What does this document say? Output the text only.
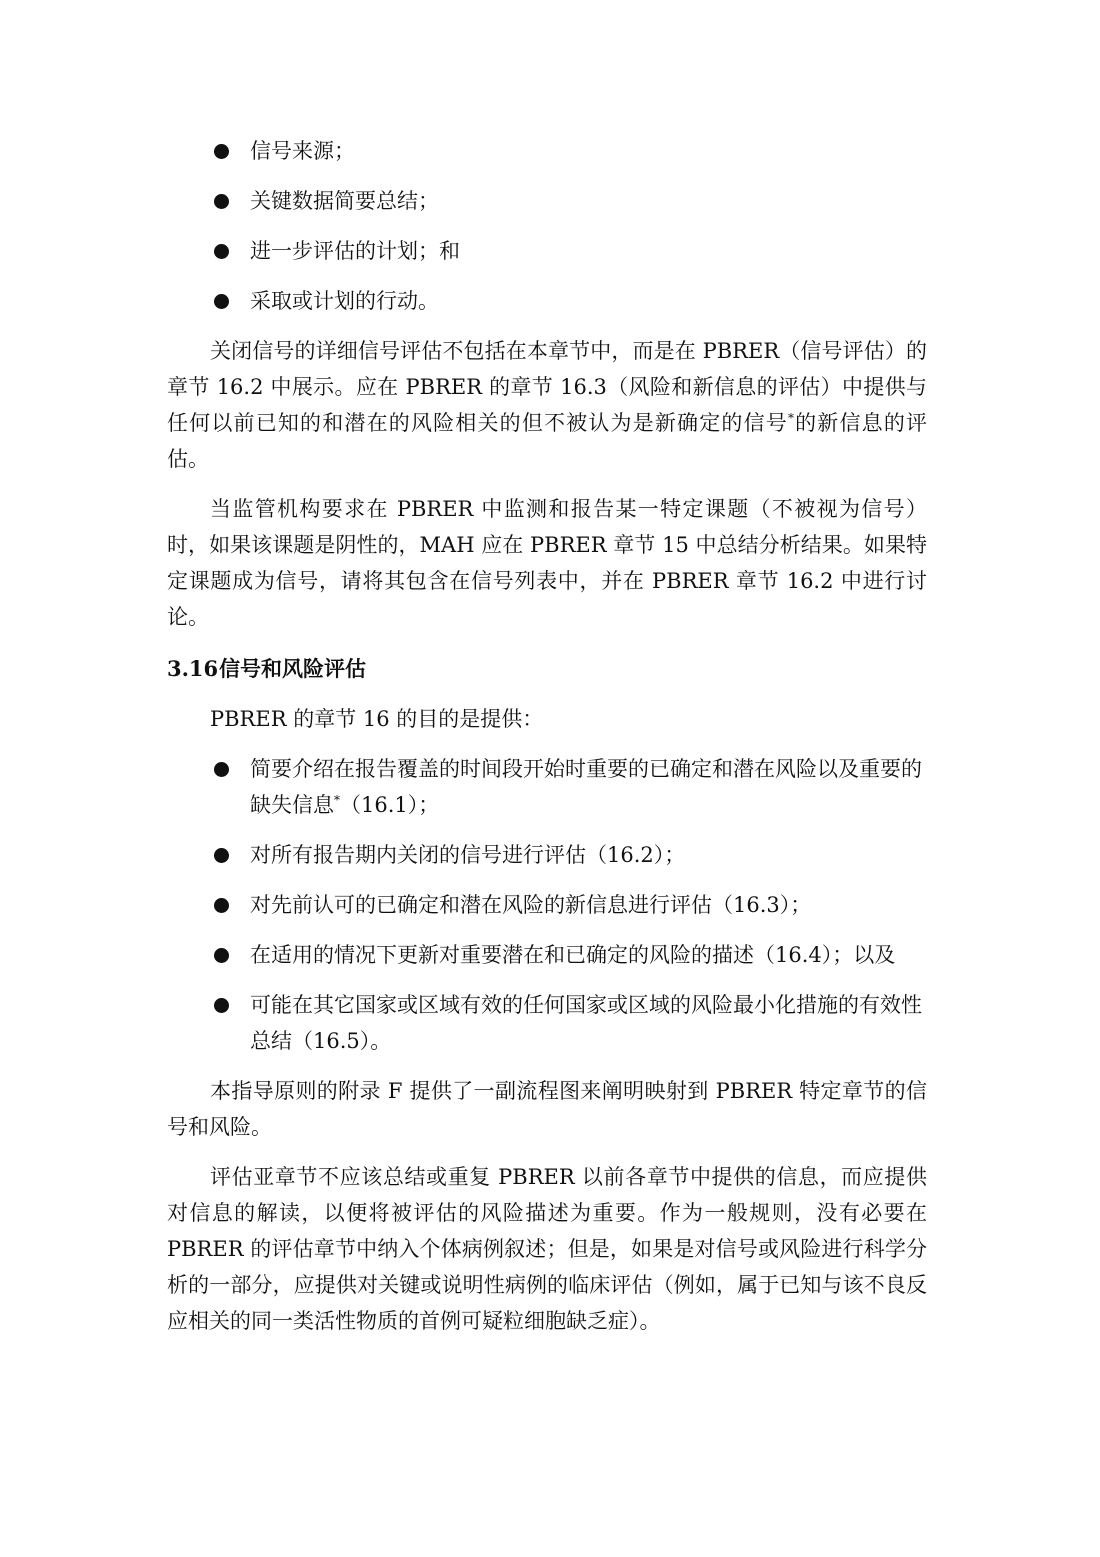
信号来源；
关键数据简要总结；
进一步评估的计划；和
采取或计划的行动。

关闭信号的详细信号评估不包括在本章节中，而是在 PBRER（信号评估）的章节 16.2 中展示。应在 PBRER 的章节 16.3（风险和新信息的评估）中提供与任何以前已知的和潜在的风险相关的但不被认为是新确定的信号*的新信息的评估。

当监管机构要求在 PBRER 中监测和报告某一特定课题（不被视为信号）时，如果该课题是阴性的，MAH 应在 PBRER 章节 15 中总结分析结果。如果特定课题成为信号，请将其包含在信号列表中，并在 PBRER 章节 16.2 中进行讨论。

3.16信号和风险评估

PBRER 的章节 16 的目的是提供：

简要介绍在报告覆盖的时间段开始时重要的已确定和潜在风险以及重要的缺失信息*（16.1）；
对所有报告期内关闭的信号进行评估（16.2）；
对先前认可的已确定和潜在风险的新信息进行评估（16.3）；
在适用的情况下更新对重要潜在和已确定的风险的描述（16.4）；以及
可能在其它国家或区域有效的任何国家或区域的风险最小化措施的有效性总结（16.5）。

本指导原则的附录 F 提供了一副流程图来阐明映射到 PBRER 特定章节的信号和风险。

评估亚章节不应该总结或重复 PBRER 以前各章节中提供的信息，而应提供对信息的解读，以便将被评估的风险描述为重要。作为一般规则，没有必要在 PBRER 的评估章节中纳入个体病例叙述；但是，如果是对信号或风险进行科学分析的一部分，应提供对关键或说明性病例的临床评估（例如，属于已知与该不良反应相关的同一类活性物质的首例可疑粒细胞缺乏症）。
